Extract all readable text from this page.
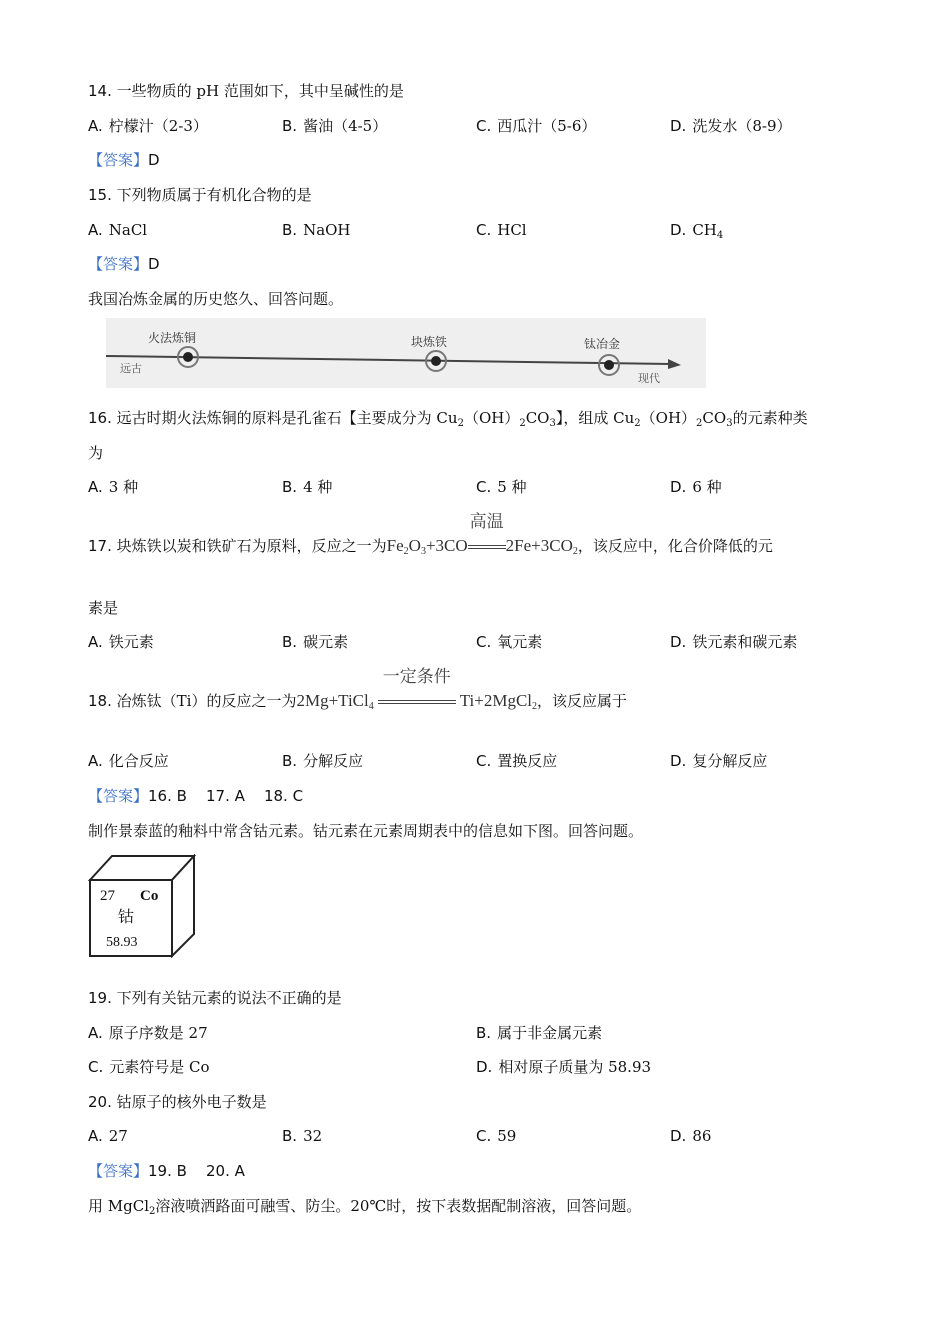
14. 一些物质的 pH 范围如下，其中呈碱性的是
A. 柠檬汁（2-3）	B. 酱油（4-5）	C. 西瓜汁（5-6）	D. 洗发水（8-9）
【答案】D
15. 下列物质属于有机化合物的是
A. NaCl	B. NaOH	C. HCl	D. $CH_4$
【答案】D
我国冶炼金属的历史悠久、回答问题。
火法炼铜	块炼铁	钛冶金
远古
现代
16. 远古时期火法炼铜的原料是孔雀石【主要成分为 $Cu_2(OH)_2CO_3$】，组成 $Cu_2(OH)_2CO_3$的元素种类
为
A. 3 种	B. 4 种	C. 5 种	D. 6 种
17. 块炼铁以炭和铁矿石为原料，反应之一为$Fe_2O_3+3CO$
高温
$2Fe+3CO_2$，该反应中，化合价降低的元
素是
A. 铁元素	B. 碳元素	C. 氧元素	D. 铁元素和碳元素
18. 冶炼钛（Ti）的反应之一为2Mg+TiCl$_4$
一定条件
Ti+2MgCl$_2$，该反应属于
A. 化合反应	B. 分解反应	C. 置换反应	D. 复分解反应
【答案】16. B    17. A    18. C
制作景泰蓝的釉料中常含钴元素。钴元素在元素周期表中的信息如下图。回答问题。
27 Co
钴
58.93
19. 下列有关钴元素的说法不正确的是
A. 原子序数是 27	B. 属于非金属元素
C. 元素符号是 Co	D. 相对原子质量为 58.93
20. 钴原子的核外电子数是
A. 27	B. 32	C. 59	D. 86
【答案】19. B    20. A
用 MgCl$_2$溶液喷洒路面可融雪、防尘。20℃时，按下表数据配制溶液，回答问题。
